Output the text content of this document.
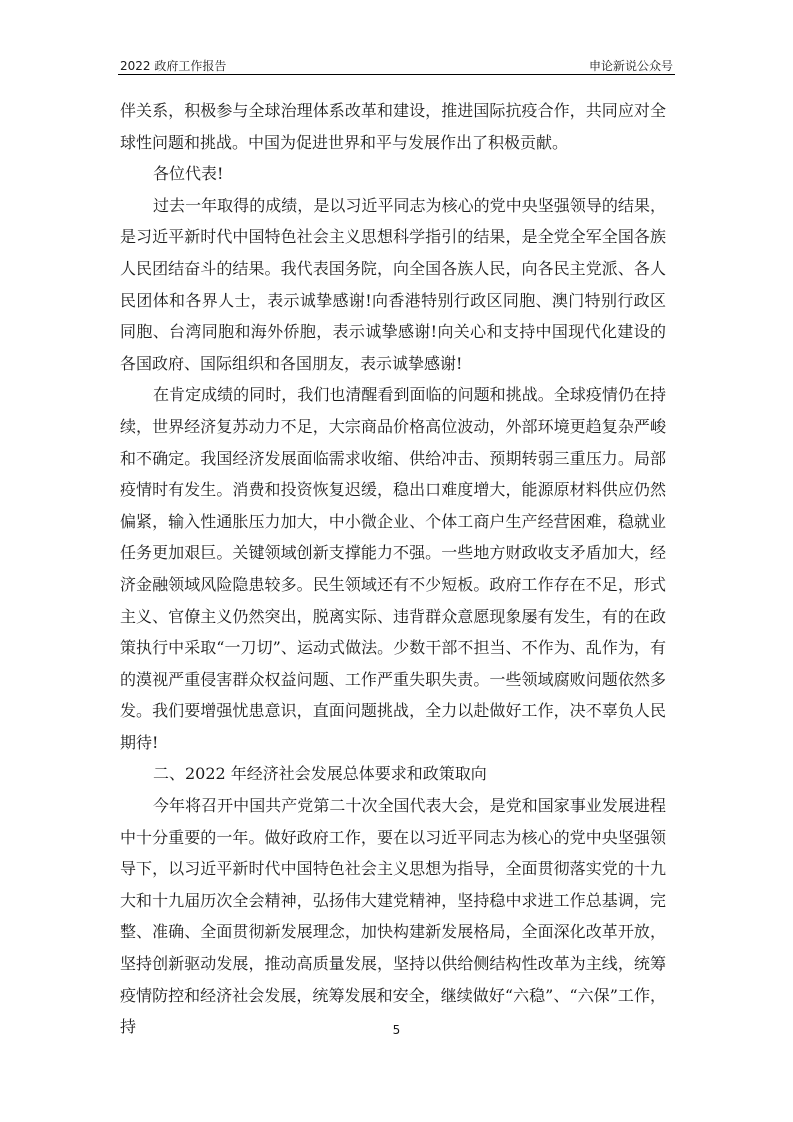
2022 政府工作报告	申论新说公众号

伴关系，积极参与全球治理体系改革和建设，推进国际抗疫合作，共同应对全球性问题和挑战。中国为促进世界和平与发展作出了积极贡献。

各位代表!

过去一年取得的成绩，是以习近平同志为核心的党中央坚强领导的结果，是习近平新时代中国特色社会主义思想科学指引的结果，是全党全军全国各族人民团结奋斗的结果。我代表国务院，向全国各族人民，向各民主党派、各人民团体和各界人士，表示诚挚感谢!向香港特别行政区同胞、澳门特别行政区同胞、台湾同胞和海外侨胞，表示诚挚感谢!向关心和支持中国现代化建设的各国政府、国际组织和各国朋友，表示诚挚感谢!

在肯定成绩的同时，我们也清醒看到面临的问题和挑战。全球疫情仍在持续，世界经济复苏动力不足，大宗商品价格高位波动，外部环境更趋复杂严峻和不确定。我国经济发展面临需求收缩、供给冲击、预期转弱三重压力。局部疫情时有发生。消费和投资恢复迟缓，稳出口难度增大，能源原材料供应仍然偏紧，输入性通胀压力加大，中小微企业、个体工商户生产经营困难，稳就业任务更加艰巨。关键领域创新支撑能力不强。一些地方财政收支矛盾加大，经济金融领域风险隐患较多。民生领域还有不少短板。政府工作存在不足，形式主义、官僚主义仍然突出，脱离实际、违背群众意愿现象屡有发生，有的在政策执行中采取“一刀切”、运动式做法。少数干部不担当、不作为、乱作为，有的漠视严重侵害群众权益问题、工作严重失职失责。一些领域腐败问题依然多发。我们要增强忧患意识，直面问题挑战，全力以赴做好工作，决不辜负人民期待!

二、2022 年经济社会发展总体要求和政策取向

今年将召开中国共产党第二十次全国代表大会，是党和国家事业发展进程中十分重要的一年。做好政府工作，要在以习近平同志为核心的党中央坚强领导下，以习近平新时代中国特色社会主义思想为指导，全面贯彻落实党的十九大和十九届历次全会精神，弘扬伟大建党精神，坚持稳中求进工作总基调，完整、准确、全面贯彻新发展理念，加快构建新发展格局，全面深化改革开放，坚持创新驱动发展，推动高质量发展，坚持以供给侧结构性改革为主线，统筹疫情防控和经济社会发展，统筹发展和安全，继续做好“六稳”、“六保”工作，持	5
